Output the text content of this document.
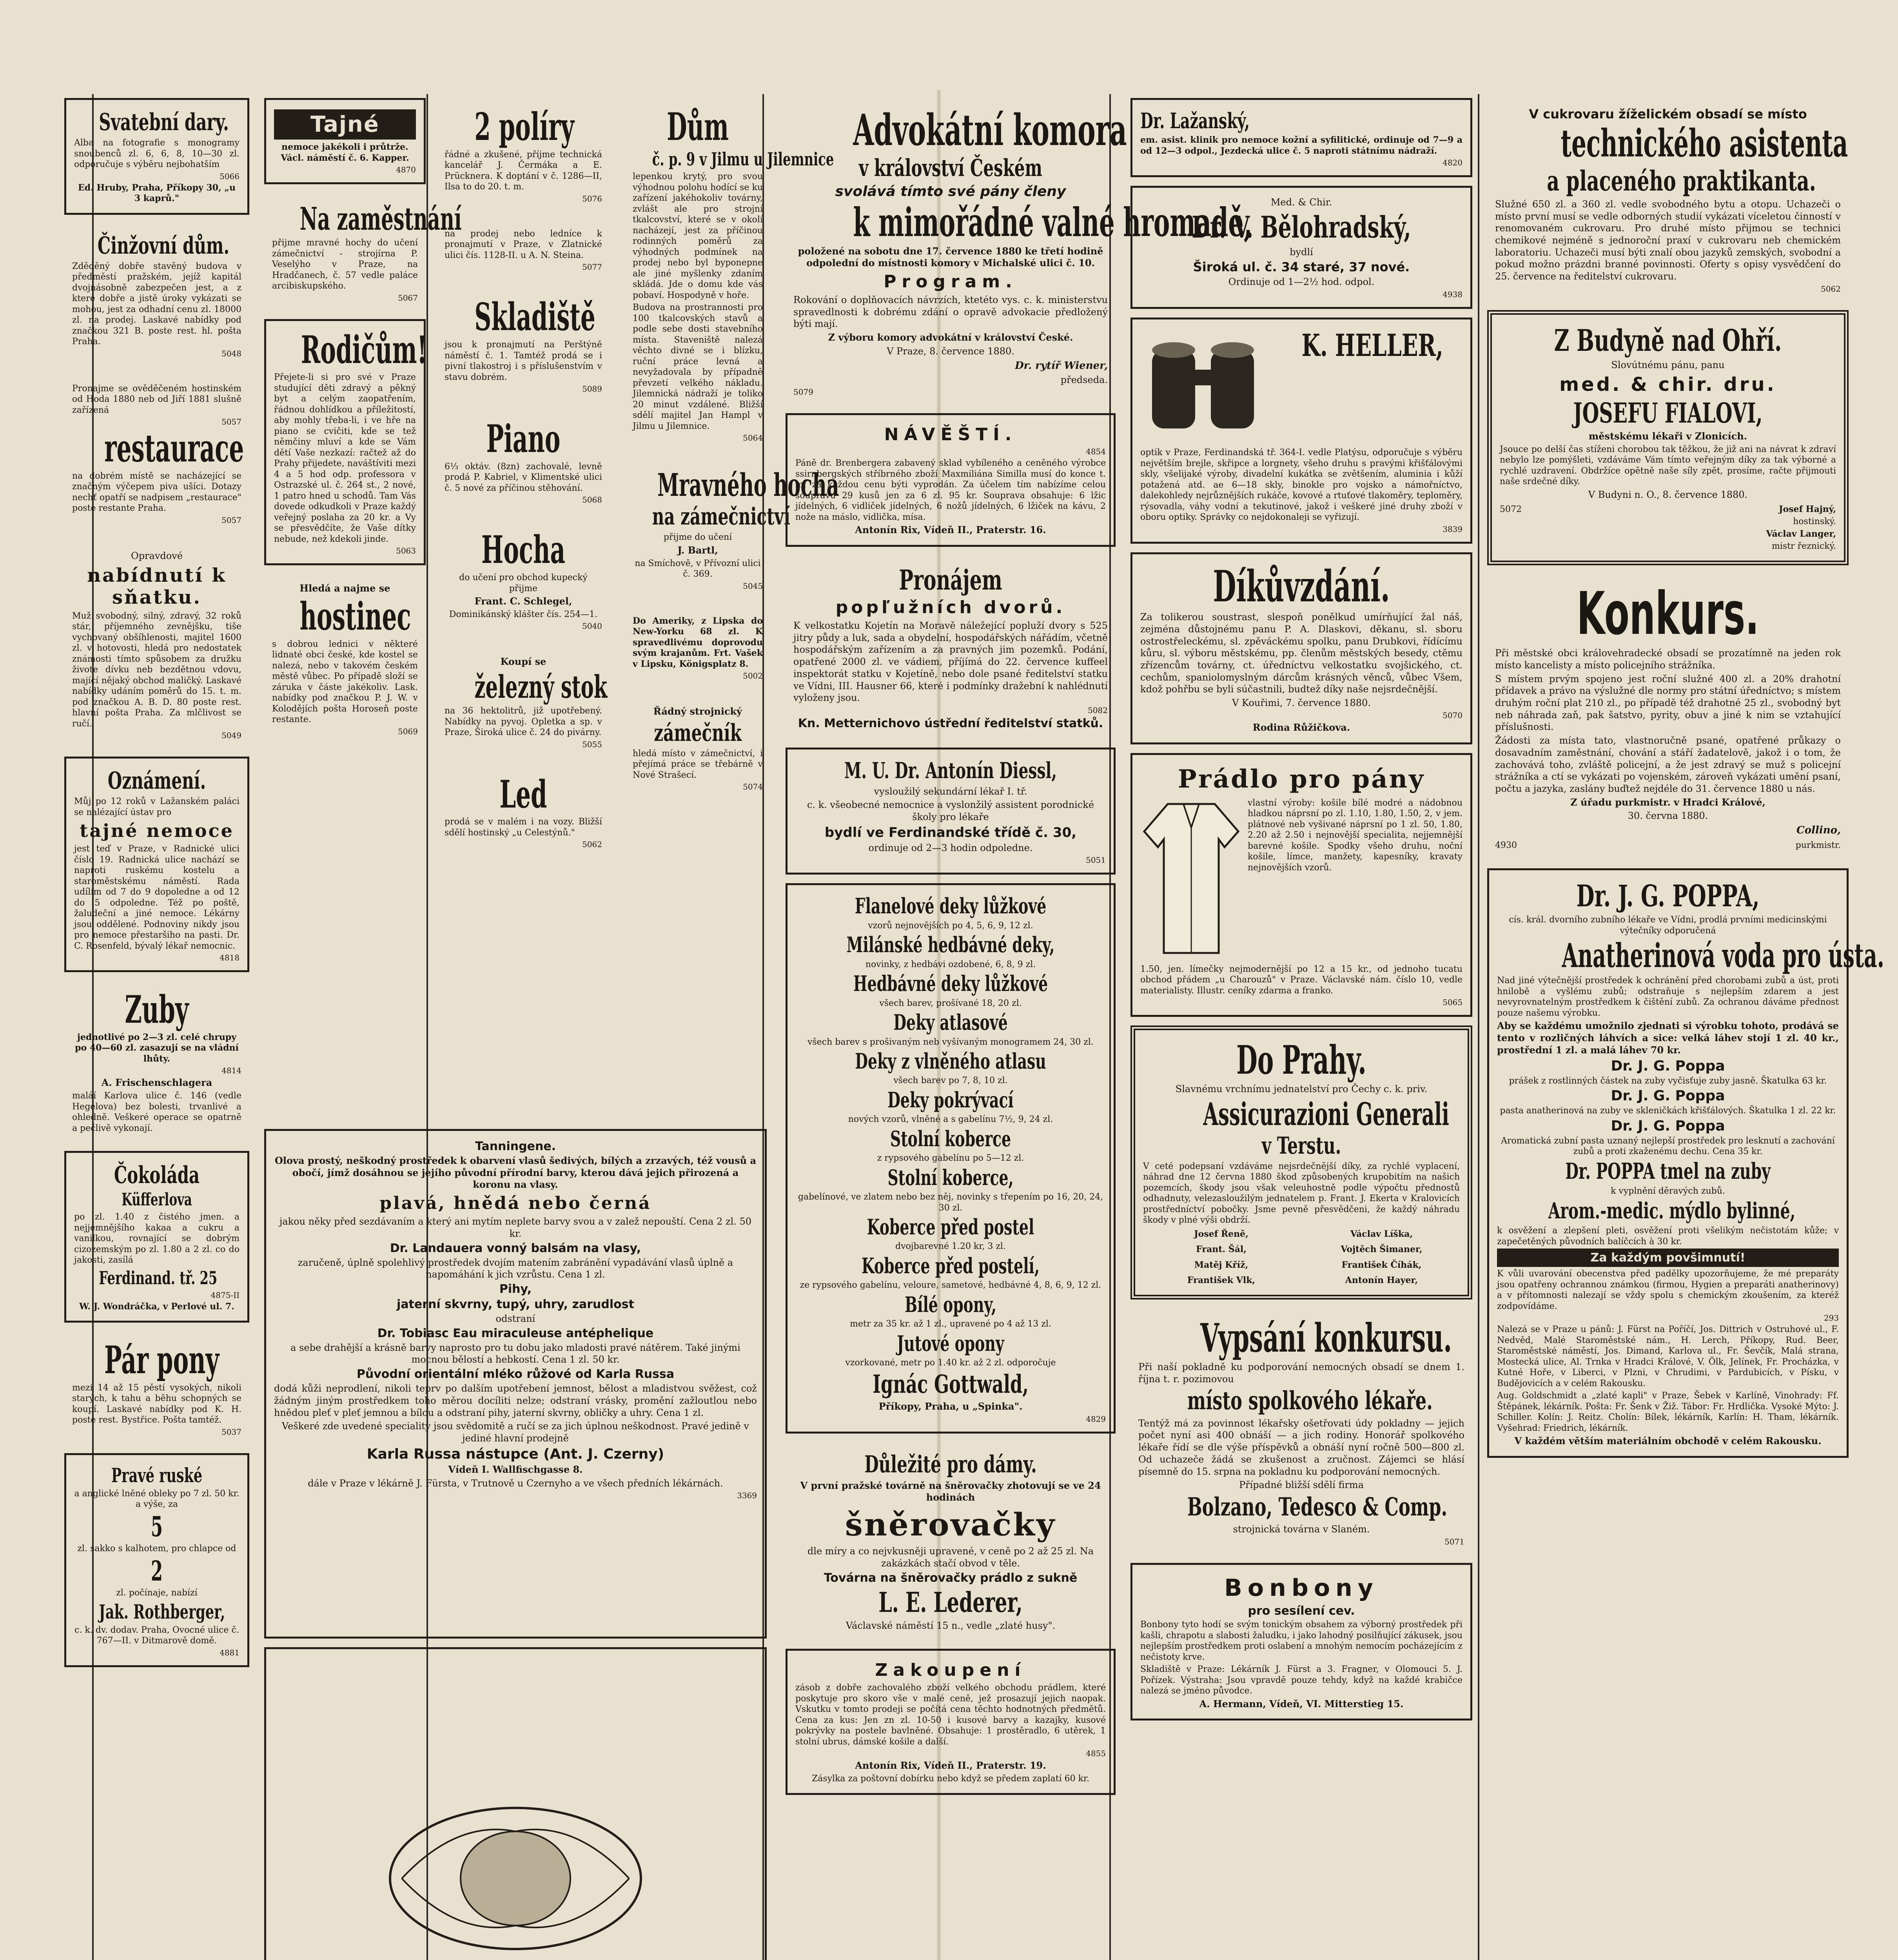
Svatební dary.
Alba na fotografie s monogramy snoubenců zl. 6, 6, 8, 10—30 zl. odporučuje s výběru nejbohatším
5066
Ed. Hruby, Praha, Příkopy 30, „u 3 kaprů."
Činžovní dům.
Zděděný dobře stavěný budova v předměstí pražském, jejíž kapitál dvojnásobně zabezpečen jest, a z které dobře a jistě úroky vykázati se mohou, jest za odhadní cenu zl. 18000 zl. na prodej. Laskavé nabídky pod značkou 321 B. poste rest. hl. pošta Praha.
5048
Pronajme se ověděčeném hostinském od Hoda 1880 neb od Jiří 1881 slušně zařízená
5057
restaurace
na dobrém místě se nacházející se značným výčepem piva ušíci. Dotazy nechť opatří se nadpisem „restaurace" poste restante Praha.
5057
Opravdové
nabídnutí k sňatku.
Muž svobodný, silný, zdravý, 32 roků stár, příjemného zevnějšku, tiše vychovaný obšíhlenosti, majitel 1600 zl. v hotovosti, hledá pro nedostatek známosti tímto spůsobem za družku živote dívku neb bezdětnou vdovu, mající nějaký obchod maličký. Laskavé nabídky udáním poměrů do 15. t. m. pod značkou A. B. D. 80 poste rest. hlavní pošta Praha. Za mlčlivost se ručí.
5049
Oznámení.
Můj po 12 roků v Lažanském paláci se nalézající ústav pro
tajné nemoce
jest teď v Praze, v Radnické ulici číslo 19. Radnická ulice nachází se naproti ruskému kostelu a staroměstskému náměstí. Rada udílím od 7 do 9 dopoledne a od 12 do 5 odpoledne. Též po poště, žaludeční a jiné nemoce. Lékárny jsou oddělené. Podnoviny nikdy jsou pro nemoce přestaršiho na pasti. Dr. C. Rosenfeld, bývalý lékař nemocnic.
4818
Zuby
jednotlivé po 2—3 zl. celé chrupy po 40—60 zl. zasazují se na vládní lhůty.
4814
A. Frischenschlagera
maláí Karlova ulice č. 146 (vedle Hegelova) bez bolesti, trvanlivé a ohledně. Veškeré operace se opatrně a pečlivě vykonají.
Čokoláda
Küfferlova
po zl. 1.40 z čistého jmen. a nejjemnějšího kakaa a cukru a vanilkou, rovnající se dobrým cizozemským po zl. 1.80 a 2 zl. co do jakosti, zasílá
Ferdinand. tř. 25
4875-II
W. J. Wondráčka, v Perlové ul. 7.
Pár pony
mezi 14 až 15 pěstí vysokých, nikoli starých, k tahu a běhu schopných se koupí. Laskavé nabídky pod K. H. poste rest. Bystřice. Pošta tamtéž.
5037
Pravé ruské
a anglické lněné obleky po 7 zl. 50 kr. a výše, za
5
zl. sakko s kalhotem, pro chlapce od
2
zl. počínaje, nabízí
Jak. Rothberger,
c. k. dv. dodav. Praha, Ovocné ulice č. 767—II. v Ditmarově domě.
4881
Tajné
nemoce jakékoli i průtrže. Václ. náměstí č. 6. Kapper.
4870
Na zaměstnání
přijme mravné hochy do učení zámečnictví - strojírna P. Veselýho v Praze, na Hradčanech, č. 57 vedle paláce arcibiskupského.
5067
Rodičům!
Přejete-li si pro své v Praze studující děti zdravý a pěkný byt a celým zaopatřením, řádnou dohlídkou a příležitostí, aby mohly třeba-li, i ve hře na piano se cvičiti, kde se tež němčiny mluví a kde se Vám dětí Vaše nezkazí: račtež až do Prahy přijedete, naváštíviti mezi 4 a 5 hod odp. professora v Ostrazské ul. č. 264 st., 2 nové, 1 patro hned u schodů. Tam Vás dovede odkudkoli v Praze každý veřejný poslaha za 20 kr. a Vy se přesvědčíte, že Vaše dítky nebude, než kdekoli jinde.
5063
Hledá a najme se
hostinec
s dobrou lednici v některé lidnaté obci české, kde kostel se nalezá, nebo v takovém českém městě vůbec. Po případě složí se záruka v částe jakékoliv. Lask. nabídky pod značkou P. J. W. v Kolodějích pošta Horoseň poste restante.
5069
2 políry
řádné a zkušené, příjme technická kancelář J. Čermáka a E. Prücknera. K doptání v č. 1286—II, Ilsa to do 20. t. m.
5076
na prodej nebo ledníce k pronajmutí v Praze, v Zlatnické ulici čís. 1128-II. u A. N. Steina.
5077
Skladiště
jsou k pronajmutí na Perštýně náměstí č. 1. Tamtéž prodá se i pivní tlakostroj i s příslušenstvím v stavu dobrém.
5089
Piano
6⅓ oktáv. (8zn) zachovalé, levně prodá P. Kabriel, v Klimentské ulici č. 5 nové za příčinou stěhování.
5068
Hocha
do učení pro obchod kupecký přijme
Frant. C. Schlegel,
Dominikánský klášter čís. 254—1.
5040
Koupí se
železný stok
na 36 hektolitrů, již upotřebený. Nabídky na pyvoj. Opletka a sp. v Praze, Široká ulice č. 24 do pivárny.
5055
Led
prodá se v malém i na vozy. Bližší sdělí hostinský „u Celestýnů."
5062
Dům
č. p. 9 v Jilmu u Jilemnice
lepenkou krytý, pro svou výhodnou polohu hodící se ku zařízení jakéhokoliv továrny, zvlášt ale pro strojní tkalcovství, které se v okolí nacházejí, jest za příčinou rodinných poměrů za výhodných podmínek na prodej nebo byl byponepne ale jiné myšlenky zdaním skládá. Jde o domu kde vás pobaví. Hospodyně v hoře.
Budova na prostrannosti pro 100 tkalcovských stavů a podle sebe dosti stavebního místa. Staveniště nalezá věchto divné se i blízku, ruční práce levná a nevyžadovala by případně převzetí velkého nákladu. Jilemnická nádraží je toliko 20 minut vzdálené. Bližší sdělí majitel Jan Hampl v Jilmu u Jilemnice.
5064
Mravného hocha
na zámečnictví
přijme do učení
J. Bartl,
na Smíchově, v Přívozní ulici č. 369.
5045
Do Ameriky, z Lipska do New-Yorku 68 zl. K spravedlivému doprovodu svým krajanům. Frt. Vašek v Lipsku, Königsplatz 8.
5002
Řádný strojnický
zámečník
hledá místo v zámečnictví, i přejímá práce se třebárně v Nové Strašecí.
5074
Tanningene.
Olova prostý, neškodný prostředek k obarvení vlasů šedivých, bílých a zrzavých, též vousů a obočí, jímž dosáhnou se jejího původní přírodní barvy, kterou dává jejich přirozená a koronu na vlasy.
plavá, hnědá nebo černá
jakou něky před sezdávaním a který ani mytím neplete barvy svou a v zalež nepouští. Cena 2 zl. 50 kr.
Dr. Landauera vonný balsám na vlasy,
zaručeně, úplně spolehlivý prostředek dvojím matením zabránění vypadávání vlasů úplně a napomáhání k jich vzrůstu. Cena 1 zl.
Pihy,
jaterní skvrny, tupý, uhry, zarudlost
odstraní
Dr. Tobiasc Eau miraculeuse antéphelique
a sebe drahější a krásně barvy naprosto pro tu dobu jako mladosti pravé nátěrem. Také jinými mocnou bělostí a hebkostí. Cena 1 zl. 50 kr.
Původní orientální mléko růžové od Karla Russa
dodá kůži neprodlení, nikoli teprv po dalším upotřebení jemnost, bělost a mladistvou svěžest, což žádným jiným prostředkem toho měrou docíliti nelze; odstraní vrásky, promění zažloutlou nebo hnědou pleť v pleť jemnou a bílou a odstraní pihy, jaterní skvrny, obličky a uhry. Cena 1 zl.
Veškeré zde uvedené speciality jsou svědomitě a ručí se za jich úplnou neškodnost. Pravé jedině v jediné hlavní prodejně
Karla Russa nástupce (Ant. J. Czerny)
Vídeň I. Wallfischgasse 8.
dále v Praze v lékárně J. Fürsta, v Trutnově u Czernyho a ve všech předních lékárnách.
3369
Advokátní komora
v království Českém
svolává tímto své pány členy
k mimořádné valné hromadě,
položené na sobotu dne 17. července 1880 ke třetí hodině odpolední do místnosti komory v Michalské ulici č. 10.
Program.
Rokování o doplňovacích návrzích, ktetéto vys. c. k. ministerstvu spravedlnosti k dobrému zdání o opravě advokacie předložený býti mají.
Z výboru komory advokátní v království České.
V Praze, 8. července 1880.
Dr. rytíř Wiener,
předseda.
5079
NÁVĚŠTÍ.
4854
Páně dr. Brenbergera zabavený sklad vybíleného a ceněného výrobce ssirnbergských stříbrného zboží Maxmiliána Similla musí do konce t. m. za každou cenu býti vyprodán. Za účelem tím nabízíme celou soupravu 29 kusů jen za 6 zl. 95 kr. Souprava obsahuje: 6 lžic jídelných, 6 vidliček jídelných, 6 nožů jídelných, 6 lžiček na kávu, 2 nože na máslo, vidlička, mísa.
Antonín Rix, Vídeň II., Praterstr. 16.
Pronájem
popľužních dvorů.
K velkostatku Kojetín na Moravě náležející popluží dvory s 525 jitry půdy a luk, sada a obydelní, hospodářských nářádím, včetně hospodářským zařízením a za pravných jim pozemků. Podání, opatřené 2000 zl. ve vádiem, příjímá do 22. července kuffeel inspektorát statku v Kojetíně, nebo dole psané ředitelství statku ve Vídni, III. Hausner 66, které i podmínky dražební k nahlédnutí vyloženy jsou.
5082
Kn. Metternichovo ústřední ředitelství statků.
M. U. Dr. Antonín Diessl,
vysloužilý sekundární lékař I. tř.
c. k. všeobecné nemocnice a vyslonžilý assistent porodnické školy pro lékaře
bydlí ve Ferdinandské třídě č. 30,
ordinuje od 2—3 hodin odpoledne.
5051
Flanelové deky lůžkové
vzorů nejnovějších po 4, 5, 6, 9, 12 zl.
Milánské hedbávné deky,
novinky, z hedbávi ozdobené, 6, 8, 9 zl.
Hedbávné deky lůžkové
všech barev, prošívané 18, 20 zl.
Deky atlasové
všech barev s prošivaným neb vyšívaným monogramem 24, 30 zl.
Deky z vlněného atlasu
všech barev po 7, 8, 10 zl.
Deky pokrývací
nových vzorů, vlněné a s gabelínu 7½, 9, 24 zl.
Stolní koberce
z rypsového gabelínu po 5—12 zl.
Stolní koberce,
gabelínové, ve zlatem nebo bez něj, novinky s třepením po 16, 20, 24, 30 zl.
Koberce před postel
dvojbarevné 1.20 kr, 3 zl.
Koberce před postelí,
ze rypsového gabelínu, veloure, sametové, hedbávné 4, 8, 6, 9, 12 zl.
Bílé opony,
metr za 35 kr. až 1 zl., upravené po 4 až 13 zl.
Jutové opony
vzorkované, metr po 1.40 kr. až 2 zl. odporočuje
Ignác Gottwald,
Příkopy, Praha, u „Spinka".
4829
Důležité pro dámy.
V první pražské továrně na šněrovačky zhotovují se ve 24 hodinách
šněrovačky
dle míry a co nejvkusněji upravené, v ceně po 2 až 25 zl. Na zakázkách stačí obvod v těle.
Továrna na šněrovačky prádlo z sukně
L. E. Lederer,
Václavské náměstí 15 n., vedle „zlaté husy".
Zakoupení
zásob z dobře zachovalého zboží velkého obchodu prádlem, které poskytuje pro skoro vše v malé ceně, jež prosazují jejich naopak. Vskutku v tomto prodeji se počítá cena těchto hodnotných předmětů. Cena za kus: Jen zn zl. 10-50 i kusové barvy a kazajky, kusové pokrývky na postele bavlněné. Obsahuje: 1 prostěradlo, 6 utěrek, 1 stolní ubrus, dámské košile a další.
4855
Antonín Rix, Vídeň II., Praterstr. 19.
Zásylka za poštovní dobírku nebo když se předem zaplatí 60 kr.
Dr. Lažanský,
em. asist. klinik pro nemoce kožní a syfilitické, ordinuje od 7—9 a od 12—3 odpol., Jezdecká ulice č. 5 naproti státnímu nádraží.
4820
Med. & Chir.
Dr. V. Bělohradský,
bydlí
Široká ul. č. 34 staré, 37 nové.
Ordinuje od 1—2½ hod. odpol.
4938
K. HELLER,
optik v Praze, Ferdinandská tř. 364-I. vedle Platýsu, odporučuje s výběru největším brejle, skřipce a lorgnety, všeho druhu s pravými křišťálovými skly, všelijaké výroby, divadelní kukátka se zvětšením, aluminia i kůží potažená atd. ae 6—18 skly, binokle pro vojsko a námořníctvo, dalekohledy nejrůznějších rukáče, kovové a rtuťové tlakoměry, teploměry, rýsovadla, váhy vodní a tekutinové, jakož i veškeré jiné druhy zboží v oboru optiky. Správky co nejdokonaleji se vyřizují.
3839
Díkůvzdání.
Za tolikerou soustrast, slespoň ponělkud umírňující žal náš, zejména důstojnému panu P. A. Dlaskovi, děkanu, sl. sboru ostrostřeleckému, sl. zpěváckému spolku, panu Drubkovi, řídícímu kůru, sl. výboru městskému, pp. členům městských besedy, ctěmu zřízencům továrny, ct. úředníctvu velkostatku svojšického, ct. cechům, spaniolomyslným dárcům krásných věnců, vůbec Všem, kdož pohřbu se byli súčastnili, budtež díky naše nejsrdečnější.
V Kouřimi, 7. července 1880.
5070
Rodina Růžičkova.
Prádlo pro pány
vlastní výroby: košile bílé modré a nádobnou hladkou náprsní po zl. 1.10, 1.80, 1.50, 2, v jem. plátnové neb vyšivané náprsní po 1 zl. 50, 1.80, 2.20 až 2.50 i nejnovější specialita, nejjemnější barevné košile. Spodky všeho druhu, noční košile, límce, manžety, kapesníky, kravaty nejnovějších vzorů.
1.50, jen. límečky nejmodernější po 12 a 15 kr., od jednoho tucatu obchod přádem „u Charouzů" v Praze. Václavské nám. číslo 10, vedle materialisty. Illustr. ceníky zdarma a franko.
5065
Do Prahy.
Slavnému vrchnímu jednatelství pro Čechy c. k. priv.
Assicurazioni Generali
v Terstu.
V ceté podepsaní vzdáváme nejsrdečnější díky, za rychlé vyplacení, náhrad dne 12 června 1880 škod způsobených krupobitím na našich pozemcích, škody jsou však veleuhostně podle výpočtu přednostů odhadnuty, velezasloužilým jednatelem p. Frant. J. Ekerta v Kralovicích prostředníctví pobočky. Jsme pevně přesvědčeni, že každý náhradu škody v plné výši obdrží.
Josef Řeně,	Václav Líška,
Frant. Šál,	Vojtěch Šimaner,
Matěj Kříž,	František Číhák,
František Vlk,	Antonín Hayer,
Vypsání konkursu.
Při naší pokladně ku podporování nemocných obsadí se dnem 1. října t. r. pozimovou
místo spolkového lékaře.
Tentýž má za povinnost lékařsky ošetřovati údy pokladny — jejich počet nyní asi 400 obnáší — a jich rodiny. Honorář spolkového lékaře řídí se dle výše příspěvků a obnáší nyní ročně 500—800 zl. Od uchazeče žádá se zkušenost a zručnost. Zájemci se hlásí písemně do 15. srpna na pokladnu ku podporování nemocných.
Případné bližší sdělí firma
Bolzano, Tedesco & Comp.
strojnická továrna v Slaném.
5071
Bonbony
pro sesílení cev.
Bonbony tyto hodí se svým tonickým obsahem za výborný prostředek při kašli, chrapotu a slabosti žaludku, i jako lahodný posilňující zákusek, jsou nejlepším prostředkem proti oslabení a mnohým nemocím pocházejícím z nečistoty krve.
Skladiště v Praze: Lékárník J. Fürst a 3. Fragner, v Olomouci 5. J. Pořízek. Výstraha: Jsou vpravdě pouze tehdy, když na každé krabičce nalezá se jméno původce.
A. Hermann, Vídeň, VI. Mitterstieg 15.
V cukrovaru žíželickém obsadí se místo
technického asistenta
a placeného praktikanta.
Služné 650 zl. a 360 zl. vedle svobodného bytu a otopu. Uchazeči o místo první musí se vedle odborných studií vykázati víceletou činností v renomovaném cukrovaru. Pro druhé místo přijmou se technici chemikové nejméně s jednoroční praxí v cukrovaru neb chemickém laboratoriu. Uchazeči musí býti znalí obou jazyků zemských, svobodní a pokud možno prázdni branné povinnosti. Oferty s opisy vysvědčení do 25. července na ředitelství cukrovaru.
5062
Z Budyně nad Ohří.
Slovútnému pánu, panu
med. & chir. dru.
JOSEFU FIALOVI,
městskému lékaři v Zlonicích.
Jsouce po delší čas stíženi chorobou tak těžkou, že již ani na návrat k zdraví nebylo lze pomýšleti, vzdáváme Vám tímto veřejným díky za tak výborné a rychlé uzdravení. Obdržíce opětně naše síly zpět, prosíme, račte přijmouti naše srdečné díky.
V Budyni n. O., 8. července 1880.
5072	Josef Hajný,
hostinský.
Václav Langer,
mistr řeznický.
Konkurs.
Při městské obci královehradecké obsadí se prozatímně na jeden rok místo kancelisty a místo policejního strážníka.
S místem prvým spojeno jest roční služné 400 zl. a 20% drahotní přídavek a právo na výslužné dle normy pro státní úředníctvo; s místem druhým roční plat 210 zl., po případě též drahotné 25 zl., svobodný byt neb náhrada zaň, pak šatstvo, pyrity, obuv a jiné k nim se vztahující příslušnosti.
Žádosti za místa tato, vlastnoručně psané, opatřené průkazy o dosavadním zaměstnání, chování a stáří žadatelově, jakož i o tom, že zachovává toho, zvláště policejní, a že jest zdravý se muž s policejní strážníka a ctí se vykázati po vojenském, zároveň vykázati umění psaní, počtu a jazyka, zaslány buďtež nejdéle do 31. července 1880 u nás.
Z úřadu purkmistr. v Hradci Králové,
30. června 1880.
Collino,
4930	purkmistr.
Dr. J. G. POPPA,
cís. král. dvorního zubního lékaře ve Vídni, prodlá prvními medicinskými výtečníky odporučená
Anatherinová voda pro ústa.
Nad jiné výtečnější prostředek k ochránění před chorobami zubů a úst, proti hnilobě a vyšlému zubů; odstraňuje s nejlepším zdarem a jest nevyrovnatelným prostředkem k čištění zubů. Za ochranou dáváme přednost pouze našemu výrobku.
Aby se každému umožnilo zjednati si výrobku tohoto, prodává se tento v rozličných láhvích a sice: velká láhev stojí 1 zl. 40 kr., prostřední 1 zl. a malá láhev 70 kr.
Dr. J. G. Poppa
prášek z rostlinných částek na zuby vyčisťuje zuby jasně. Škatulka 63 kr.
Dr. J. G. Poppa
pasta anatherinová na zuby ve skleničkách křišťálových. Škatulka 1 zl. 22 kr.
Dr. J. G. Poppa
Aromatická zubní pasta uznaný nejlepší prostředek pro lesknutí a zachování zubů a proti zkaženému dechu. Cena 35 kr.
Dr. POPPA tmel na zuby
k vyplnění děravých zubů.
Arom.-medic. mýdlo bylinné,
k osvěžení a zlepšení pleti, osvěžení proti všelikým nečistotám kůže; v zapečetěných původních balíčcích à 30 kr.
Za každým povšimnutí!
K vůli uvarování obecenstva před padělky upozorňujeme, že mé preparáty jsou opatřeny ochrannou známkou (firmou, Hygien a preparáti anatherinovy) a v přítomnosti nalezají se vždy spolu s chemickým zkoušením, za kteréž zodpovídáme.
293
Nalezá se v Praze u pánů: J. Fürst na Poříčí, Jos. Dittrich v Ostruhové ul., F. Nedvěd, Malé Staroměstské nám., H. Lerch, Příkopy, Rud. Beer, Staroměstské náměstí, Jos. Dimand, Karlova ul., Fr. Ševčík, Malá strana, Mostecká ulice, Al. Trnka v Hradci Králové, V. Ölk, Jelínek, Fr. Procházka, v Kutné Hoře, v Liberci, v Plzni, v Chrudimi, v Pardubicích, v Písku, v Budějovicích a v celém Rakousku.
Aug. Goldschmidt a „zlaté kapli" v Praze, Šebek v Karlíně, Vinohrady: Ff. Štěpánek, lékárník. Pošta: Fr. Šenk v Žiž. Tábor: Fr. Hrdlička. Vysoké Mýto: J. Schiller. Kolín: J. Reitz. Cholín: Bílek, lékárník, Karlín: H. Tham, lékárník. Vyšehrad: Friedrich, lékárník.
V každém větším materiálním obchodě v celém Rakousku.
